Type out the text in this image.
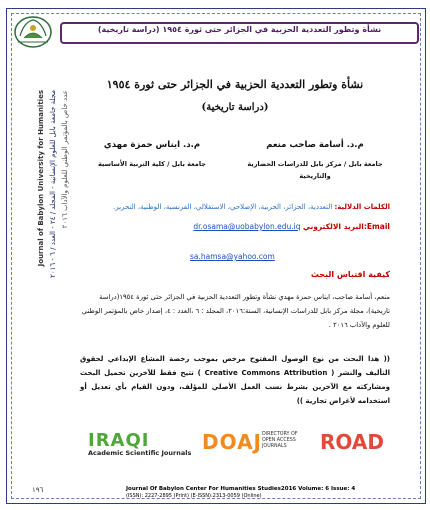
نشأة وتطور التعددية الحزبية في الجزائر حتى ثورة ١٩٥٤ (دراسة تاريخية)
Journal of Babylon University for Humanities
مجلة جامعة بابل للعلوم الإنسانية - المجلد / ٢٤ - العدد / ٦ - ٢٠١٦
عدد خاص بالمؤتمر الوطني للعلوم والآداب ٢٠١٦
نشأة وتطور التعددية الحزبية في الجزائر حتى ثورة ١٩٥٤
(دراسة تاريخية)
م.د. أسامة صاحب منعم
جامعة بابل / مركز بابل للدراسات الحضارية والتاريخية
م.د. ايناس حمزة مهدي
جامعة بابل / كلية التربية الأساسية
الكلمات الدلالية: التعددية، الجزائر، الحزبية، الإصلاحي، الاستقلالي، الفرنسية، الوطنية، التحرير.
dr.osama@uobabylon.edu.iq البريد الالكتروني:Email
sa.hamsa@yahoo.com
كيفية اقتباس البحث
منعم، أسامة صاحب، ايناس حمزة مهدي نشأة وتطور التعددية الحزبية في الجزائر حتى ثورة ١٩٥٤(دراسة تاريخية)، مجلة مركز بابل للدراسات الإنسانية، السنة:٢٠١٦، المجلد : ٦ ،العدد : ٤، إصدار خاص بالمؤتمر الوطني للعلوم والآداب ٢٠١٦ .
(( هذا البحث من نوع الوصول المفتوح مرخص بموجب رخصة المشاع الإبداعي لحقوق التأليف والنشر ( Creative Commons Attribution ) تتيح فقط للآخرين تحميل البحث ومشاركته مع الآخرين بشرط نسب العمل الأصلي للمؤلف، ودون القيام بأي تعديل أو استخدامه لأغراض تجارية ))
IRAQI
Academic Scientific Journals DOAJ DIRECTORY OF OPEN ACCESS JOURNALS	ROAD
١٩٦	Journal Of Babylon Center For Humanities Studies2016 Volume: 6 Issue: 4
(ISSN): 2227-2895 (Print) (E-ISSN):2313-0059 (Online)
